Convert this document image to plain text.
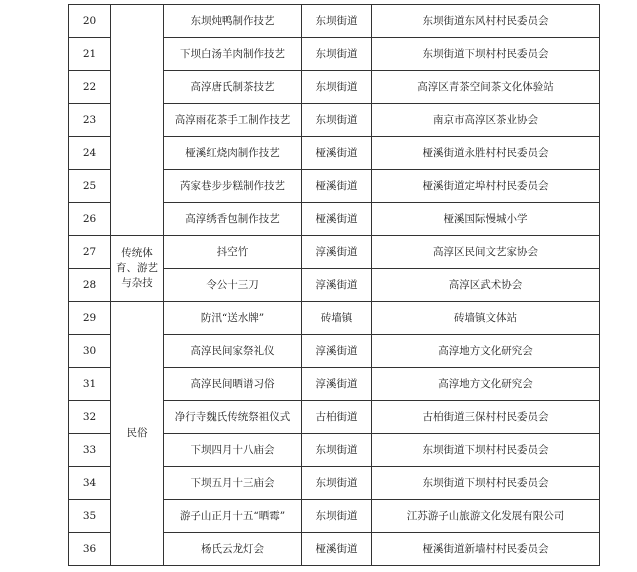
20		东坝炖鸭制作技艺	东坝街道	东坝街道东风村村民委员会
21		下坝白汤羊肉制作技艺	东坝街道	东坝街道下坝村村民委员会
22		高淳唐氏制茶技艺	东坝街道	高淳区青茶空间茶文化体验站
23		高淳雨花茶手工制作技艺	东坝街道	南京市高淳区茶业协会
24		桠溪红烧肉制作技艺	桠溪街道	桠溪街道永胜村村民委员会
25		芮家巷步步糕制作技艺	桠溪街道	桠溪街道定埠村村民委员会
26		高淳绣香包制作技艺	桠溪街道	桠溪国际慢城小学
27	传统体育、游艺与杂技	抖空竹	淳溪街道	高淳区民间文艺家协会
28		令公十三刀	淳溪街道	高淳区武术协会
29	民俗	防汛“送水牌”	砖墙镇	砖墙镇文体站
30		高淳民间家祭礼仪	淳溪街道	高淳地方文化研究会
31		高淳民间晒谱习俗	淳溪街道	高淳地方文化研究会
32		净行寺魏氏传统祭祖仪式	古柏街道	古柏街道三保村村民委员会
33		下坝四月十八庙会	东坝街道	东坝街道下坝村村民委员会
34		下坝五月十三庙会	东坝街道	东坝街道下坝村村民委员会
35		游子山正月十五“晒霉”	东坝街道	江苏游子山旅游文化发展有限公司
36		杨氏云龙灯会	桠溪街道	桠溪街道新墙村村民委员会
